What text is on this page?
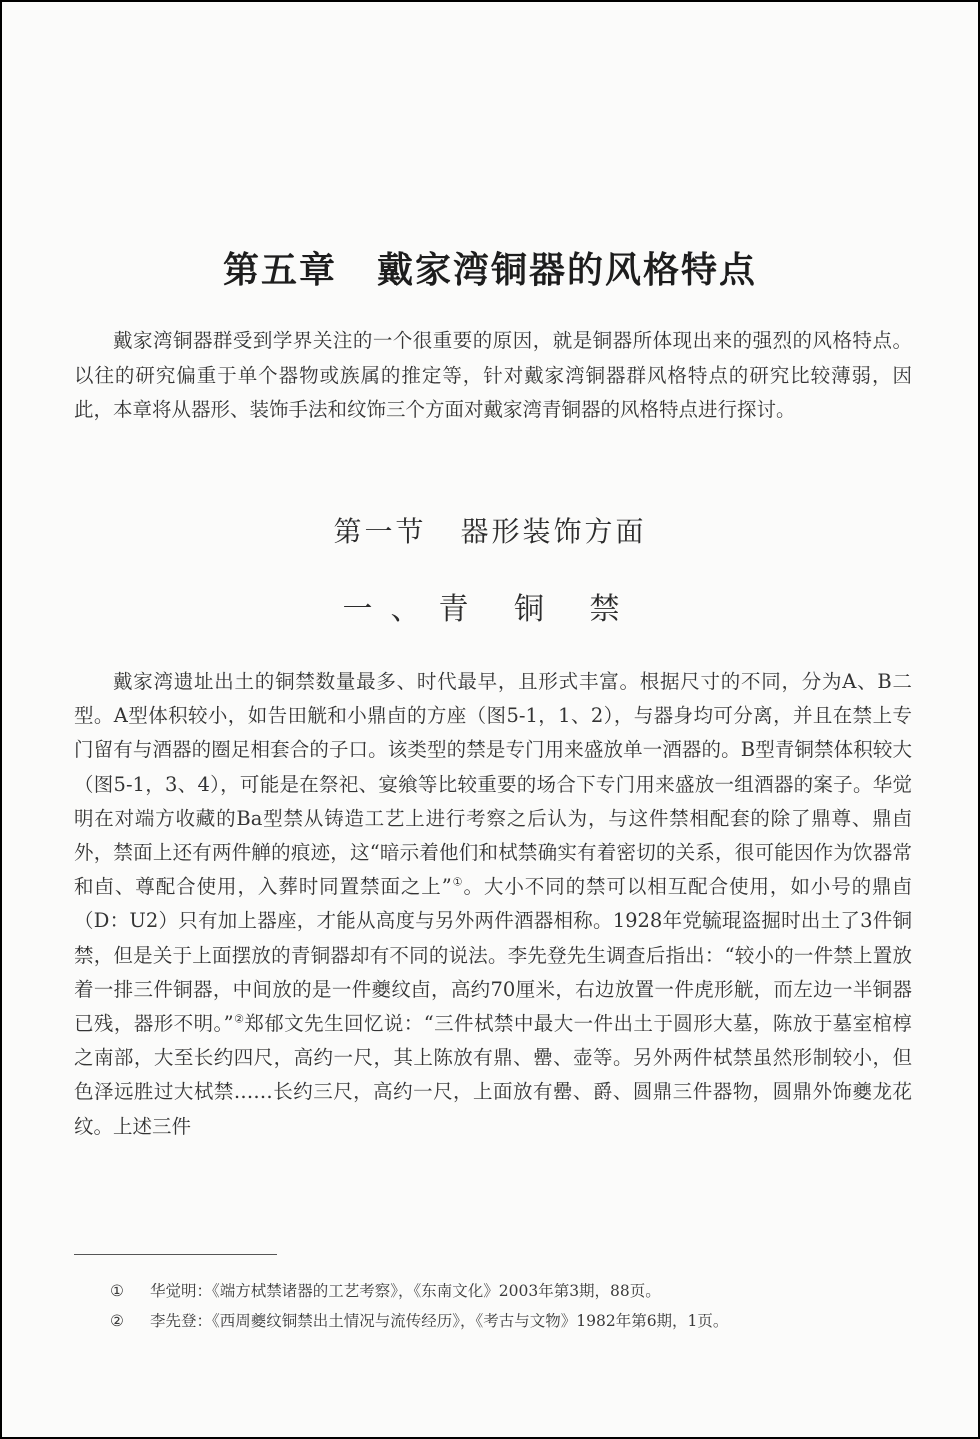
第五章 戴家湾铜器的风格特点

戴家湾铜器群受到学界关注的一个很重要的原因，就是铜器所体现出来的强烈的风格特点。以往的研究偏重于单个器物或族属的推定等，针对戴家湾铜器群风格特点的研究比较薄弱，因此，本章将从器形、装饰手法和纹饰三个方面对戴家湾青铜器的风格特点进行探讨。

第一节 器形装饰方面
一、青 铜 禁

戴家湾遗址出土的铜禁数量最多、时代最早，且形式丰富。根据尺寸的不同，分为A、B二型。A型体积较小，如告田觥和小鼎卣的方座（图5-1，1、2），与器身均可分离，并且在禁上专门留有与酒器的圈足相套合的子口。该类型的禁是专门用来盛放单一酒器的。B型青铜禁体积较大（图5-1，3、4），可能是在祭祀、宴飨等比较重要的场合下专门用来盛放一组酒器的案子。华觉明在对端方收藏的Ba型禁从铸造工艺上进行考察之后认为，与这件禁相配套的除了鼎尊、鼎卣外，禁面上还有两件觯的痕迹，这“暗示着他们和栻禁确实有着密切的关系，很可能因作为饮器常和卣、尊配合使用，入葬时同置禁面之上”①。大小不同的禁可以相互配合使用，如小号的鼎卣（D：U2）只有加上器座，才能从高度与另外两件酒器相称。1928年党毓琨盗掘时出土了3件铜禁，但是关于上面摆放的青铜器却有不同的说法。李先登先生调查后指出：“较小的一件禁上置放着一排三件铜器，中间放的是一件夔纹卣，高约70厘米，右边放置一件虎形觥，而左边一半铜器已残，器形不明。”②郑郁文先生回忆说：“三件栻禁中最大一件出土于圆形大墓，陈放于墓室棺椁之南部，大至长约四尺，高约一尺，其上陈放有鼎、罍、壶等。另外两件栻禁虽然形制较小，但色泽远胜过大栻禁……长约三尺，高约一尺，上面放有罍、爵、圆鼎三件器物，圆鼎外饰夔龙花纹。上述三件

① 华觉明：《端方栻禁诸器的工艺考察》，《东南文化》2003年第3期，88页。
② 李先登：《西周夔纹铜禁出土情况与流传经历》，《考古与文物》1982年第6期，1页。
